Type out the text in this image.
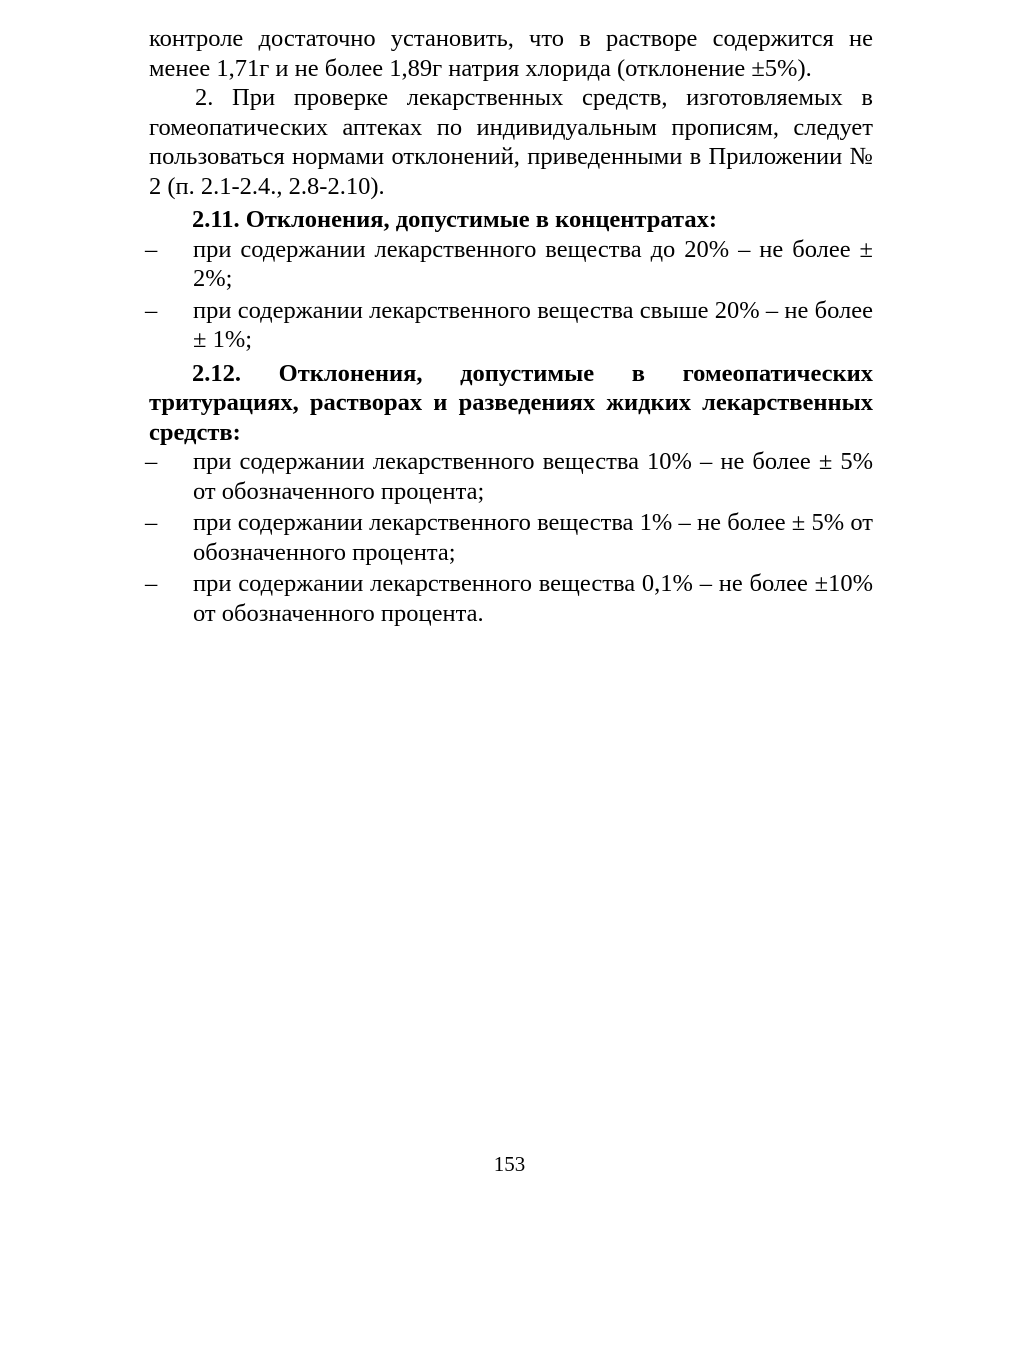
контроле достаточно установить, что в растворе содержится не менее 1,71г и не более 1,89г натрия хлорида (отклонение ±5%).

2. При проверке лекарственных средств, изготовляемых в гомеопатических аптеках по индивидуальным прописям, следует пользоваться нормами отклонений, приведенными в Приложении № 2 (п. 2.1-2.4., 2.8-2.10).

2.11. Отклонения, допустимые в концентратах:

–	при содержании лекарственного вещества до 20% – не более ± 2%;
–	при содержании лекарственного вещества свыше 20% – не более ± 1%;

2.12. Отклонения, допустимые в гомеопатических тритурациях, растворах и разведениях жидких лекарственных средств:

–	при содержании лекарственного вещества 10% – не более ± 5% от обозначенного процента;
–	при содержании лекарственного вещества 1% – не более ± 5% от обозначенного процента;
–	при содержании лекарственного вещества 0,1% – не более ±10% от обозначенного процента.
153
